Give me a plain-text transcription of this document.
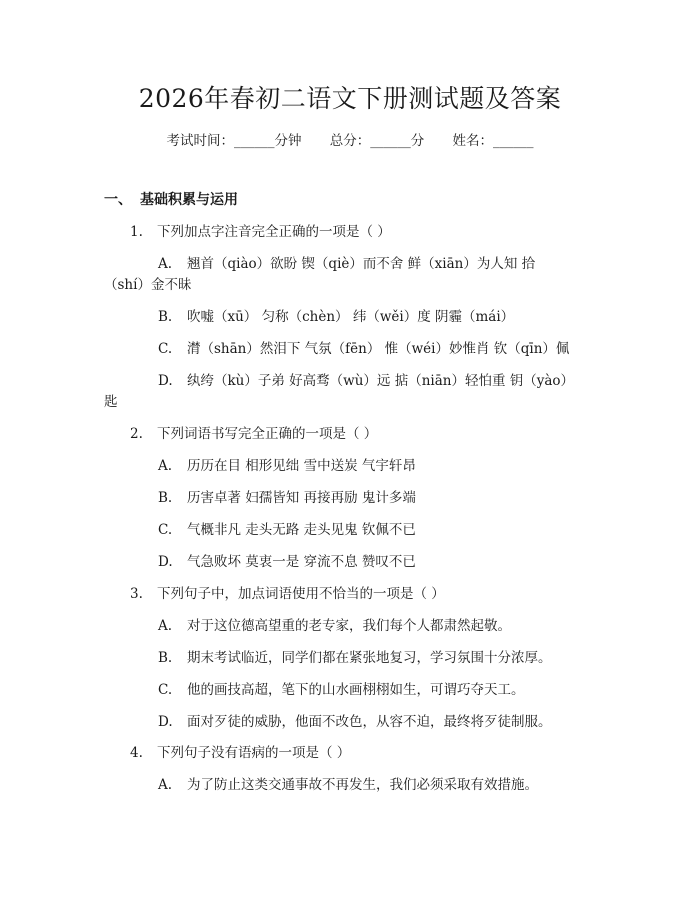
2026年春初二语文下册测试题及答案
考试时间：______分钟 总分：______分 姓名：______
一、 基础积累与运用
1. 下列加点字注音完全正确的一项是（ ）
A. 翘首（qiào）欲盼 锲（qiè）而不舍 鲜（xiān）为人知 拾
（shí）金不昧
B. 吹嘘（xū） 匀称（chèn） 纬（wěi）度 阴霾（mái）
C. 潸（shān）然泪下 气氛（fēn） 惟（wéi）妙惟肖 钦（qīn）佩
D. 纨绔（kù）子弟 好高骛（wù）远 掂（niān）轻怕重 钥（yào）
匙
2. 下列词语书写完全正确的一项是（ ）
A. 历历在目 相形见绌 雪中送炭 气宇轩昂
B. 历害卓著 妇孺皆知 再接再励 鬼计多端
C. 气概非凡 走头无路 走头见鬼 钦佩不已
D. 气急败坏 莫衷一是 穿流不息 赞叹不已
3. 下列句子中，加点词语使用不恰当的一项是（ ）
A. 对于这位德高望重的老专家，我们每个人都肃然起敬。
B. 期末考试临近，同学们都在紧张地复习，学习氛围十分浓厚。
C. 他的画技高超，笔下的山水画栩栩如生，可谓巧夺天工。
D. 面对歹徒的威胁，他面不改色，从容不迫，最终将歹徒制服。
4. 下列句子没有语病的一项是（ ）
A. 为了防止这类交通事故不再发生，我们必须采取有效措施。
